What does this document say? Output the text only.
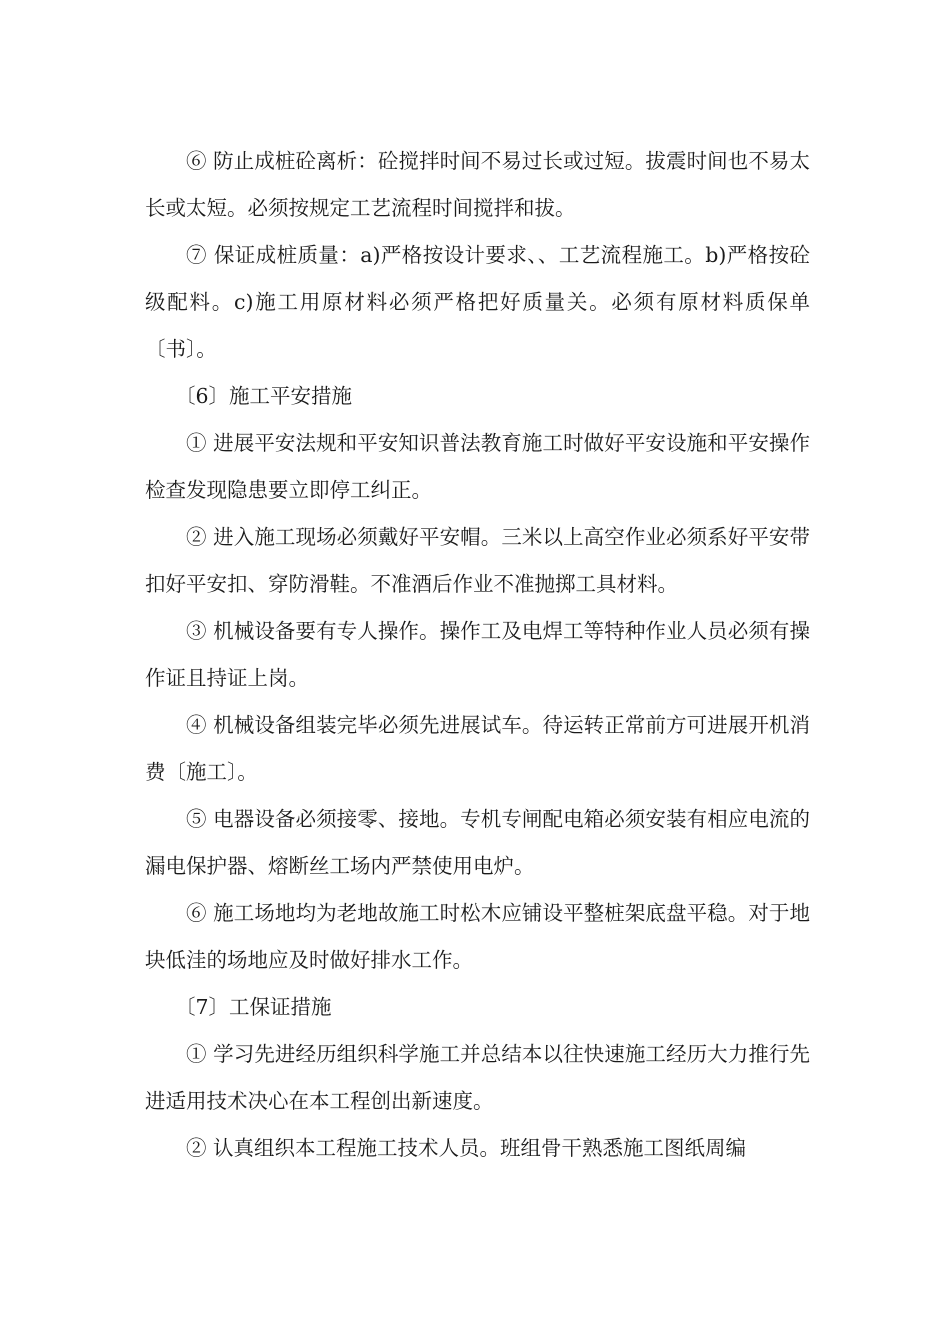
⑥ 防止成桩砼离析：砼搅拌时间不易过长或过短。拔震时间也不易太长或太短。必须按规定工艺流程时间搅拌和拔。

⑦ 保证成桩质量：a)严格按设计要求、、工艺流程施工。b)严格按砼级配料。c)施工用原材料必须严格把好质量关。必须有原材料质保单〔书〕。

〔6〕施工平安措施

① 进展平安法规和平安知识普法教育施工时做好平安设施和平安操作检查发现隐患要立即停工纠正。

② 进入施工现场必须戴好平安帽。三米以上高空作业必须系好平安带扣好平安扣、穿防滑鞋。不准酒后作业不准抛掷工具材料。

③ 机械设备要有专人操作。操作工及电焊工等特种作业人员必须有操作证且持证上岗。

④ 机械设备组装完毕必须先进展试车。待运转正常前方可进展开机消费〔施工〕。

⑤ 电器设备必须接零、接地。专机专闸配电箱必须安装有相应电流的漏电保护器、熔断丝工场内严禁使用电炉。

⑥ 施工场地均为老地故施工时松木应铺设平整桩架底盘平稳。对于地块低洼的场地应及时做好排水工作。

〔7〕工保证措施

① 学习先进经历组织科学施工并总结本以往快速施工经历大力推行先进适用技术决心在本工程创出新速度。

② 认真组织本工程施工技术人员。班组骨干熟悉施工图纸周编
